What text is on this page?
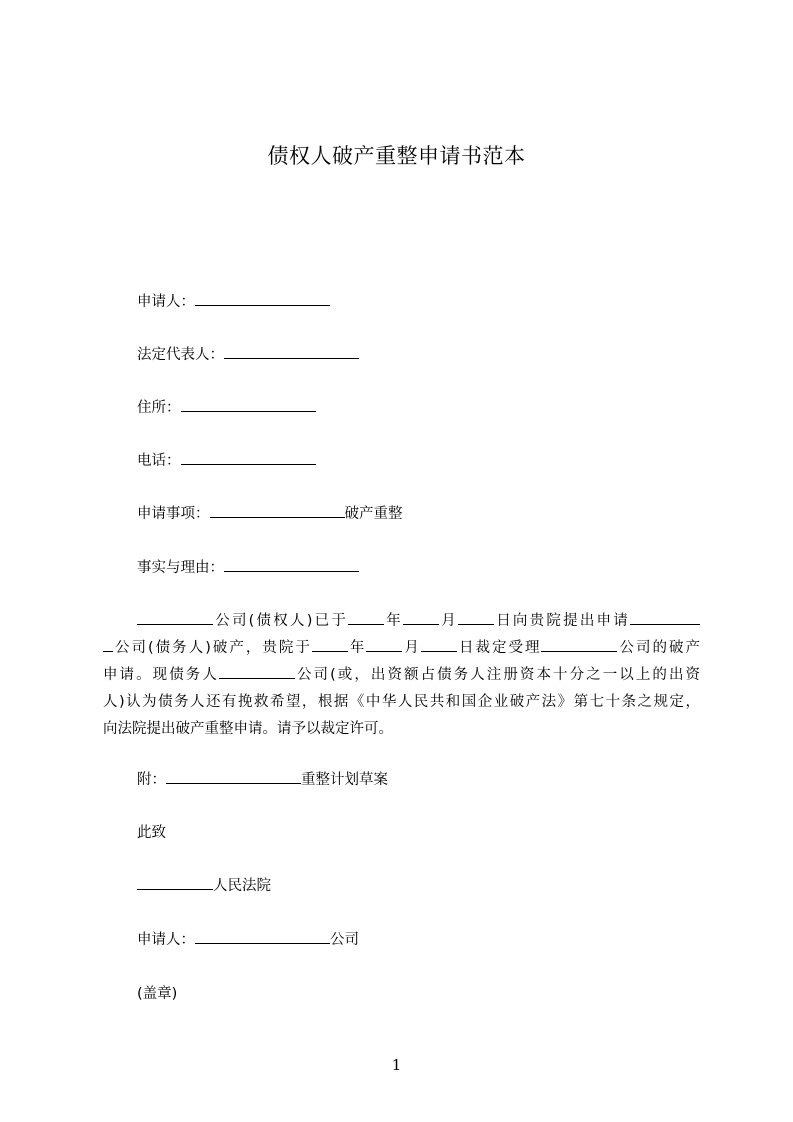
债权人破产重整申请书范本
申请人：
法定代表人：
住所：
电话：
申请事项：	破产重整
事实与理由：

公司(债权人)已于 年 月 日向贵院提出申请

公司(债务人)破产，贵院于 年 月 日裁定受理	公司的破产

申请。现债务人	公司(或，出资额占债务人注册资本十分之一以上的出资

人)认为债务人还有挽救希望，根据《中华人民共和国企业破产法》第七十条之规定，

向法院提出破产重整申请。请予以裁定许可。

附：	重整计划草案
此致
人民法院
申请人：	公司
(盖章)
1
